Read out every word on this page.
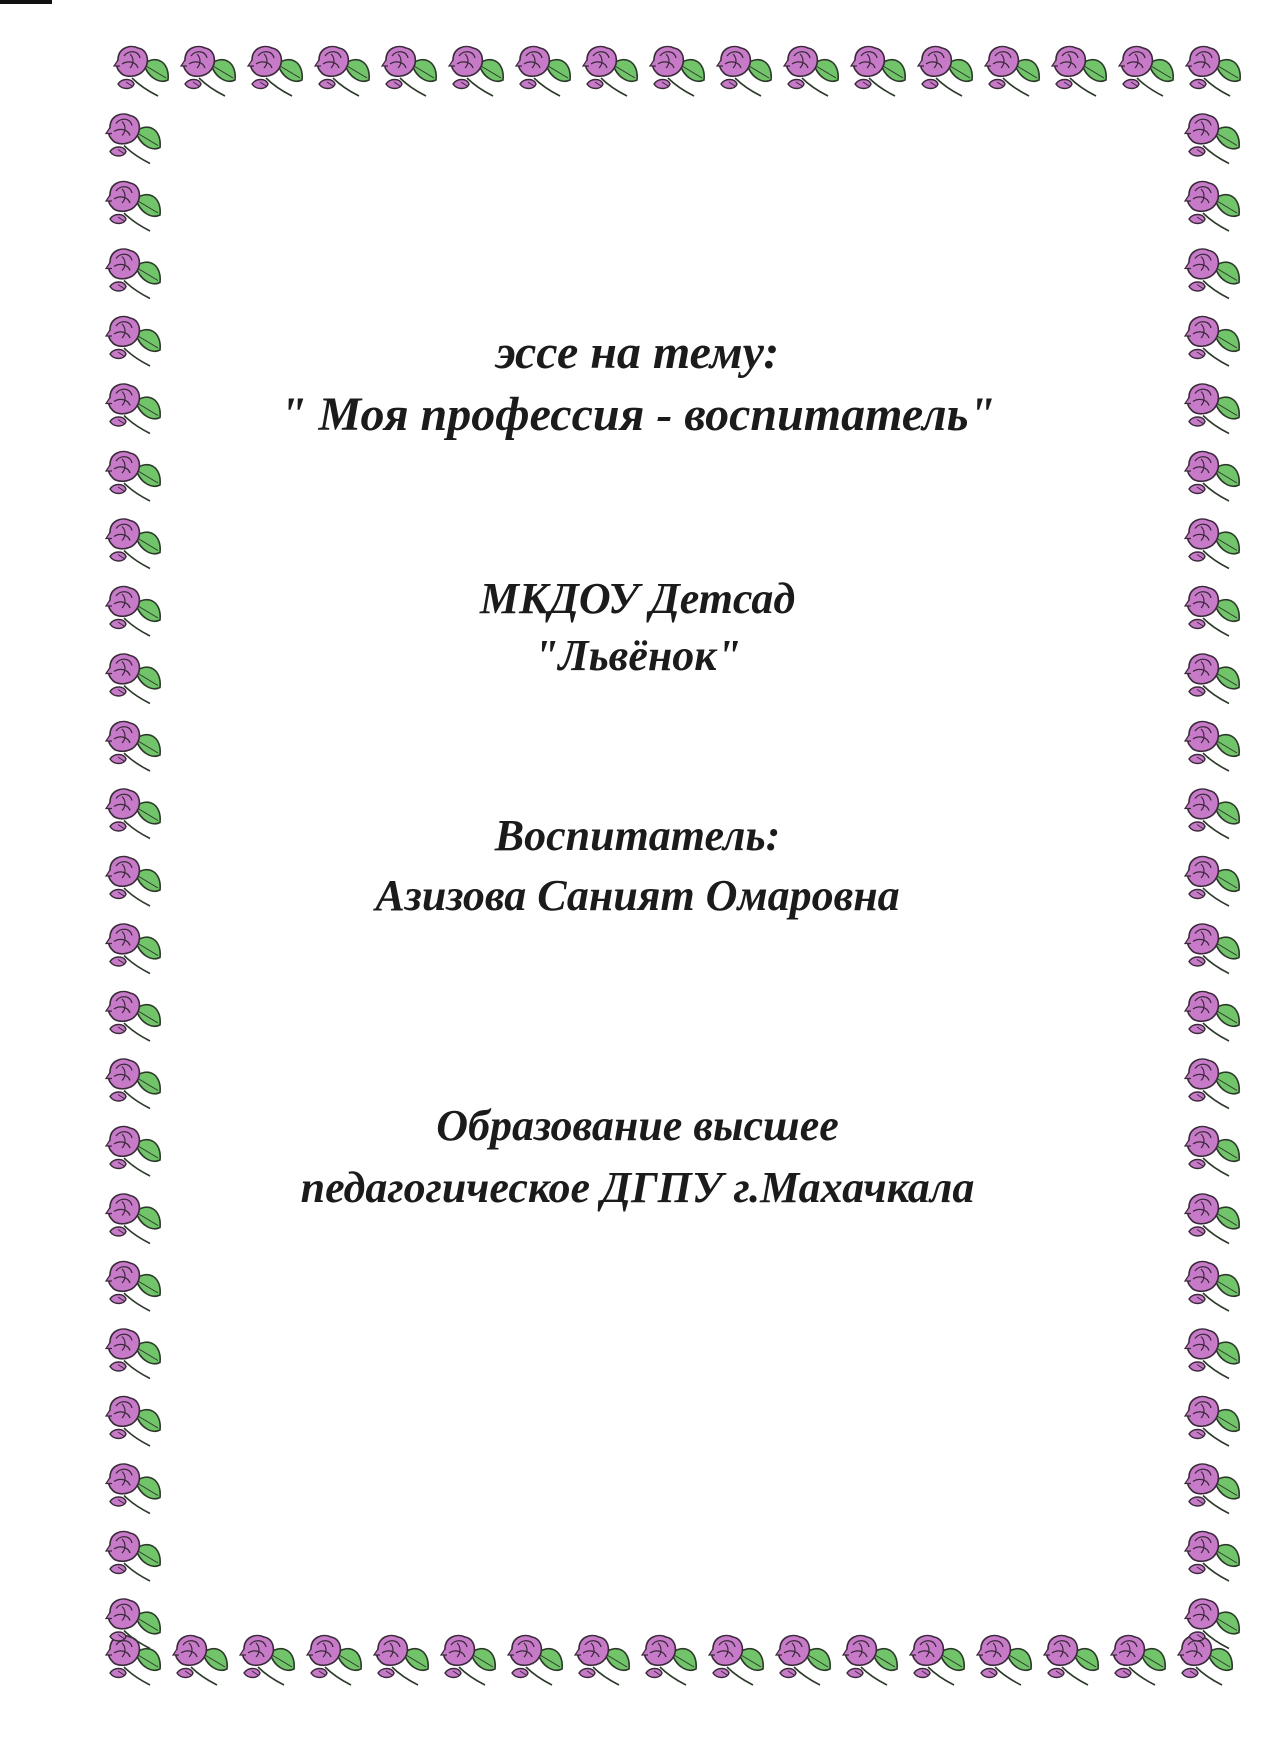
эссе на тему:
" Моя профессия - воспитатель"
МКДОУ Детсад
"Львёнок"
Воспитатель:
Азизова Саният Омаровна
Образование высшее
педагогическое ДГПУ г.Махачкала
